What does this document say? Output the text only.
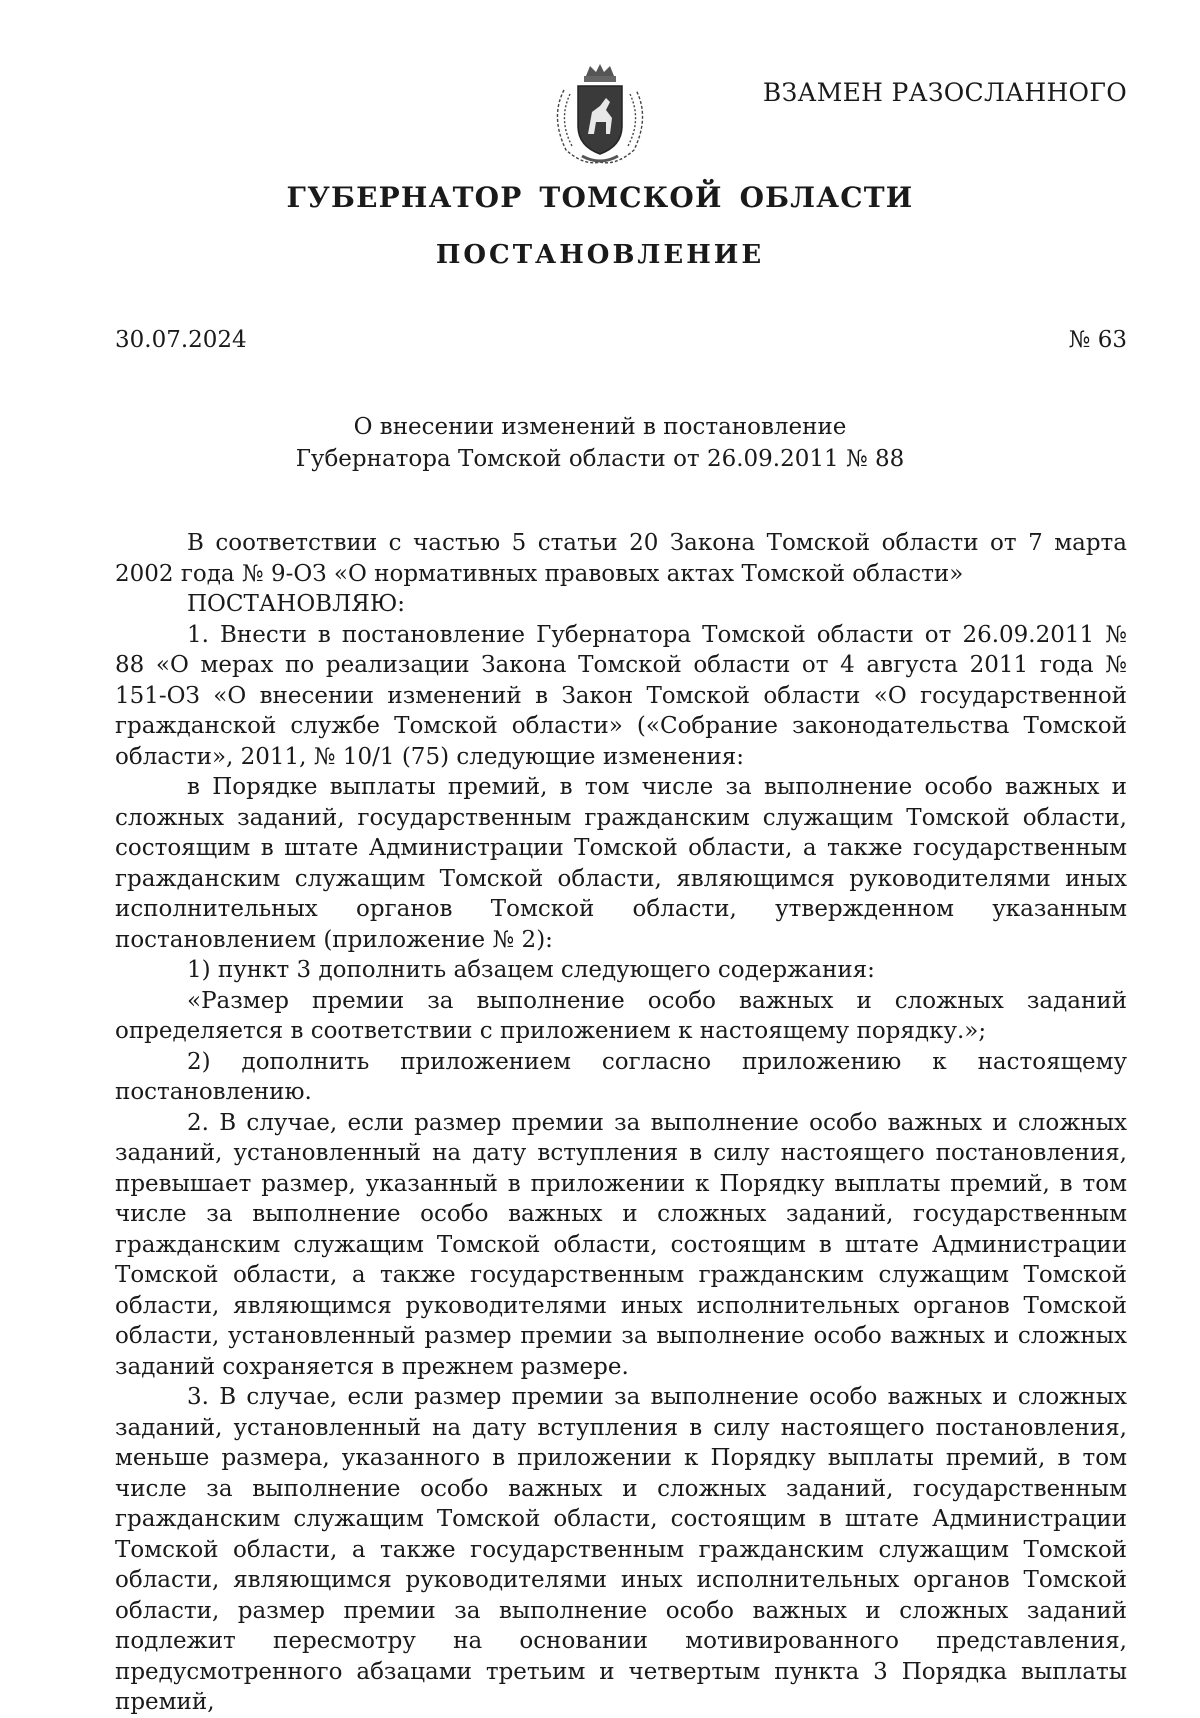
ВЗАМЕН РАЗОСЛАННОГО
ГУБЕРНАТОР ТОМСКОЙ ОБЛАСТИ
ПОСТАНОВЛЕНИЕ
30.07.2024	№ 63
О внесении изменений в постановление
Губернатора Томской области от 26.09.2011 № 88

В соответствии с частью 5 статьи 20 Закона Томской области от 7 марта 2002 года № 9-ОЗ «О нормативных правовых актах Томской области»

ПОСТАНОВЛЯЮ:

1. Внести в постановление Губернатора Томской области от 26.09.2011 № 88 «О мерах по реализации Закона Томской области от 4 августа 2011 года № 151-ОЗ «О внесении изменений в Закон Томской области «О государственной гражданской службе Томской области» («Собрание законодательства Томской области», 2011, № 10/1 (75) следующие изменения:

в Порядке выплаты премий, в том числе за выполнение особо важных и сложных заданий, государственным гражданским служащим Томской области, состоящим в штате Администрации Томской области, а также государственным гражданским служащим Томской области, являющимся руководителями иных исполнительных органов Томской области, утвержденном указанным постановлением (приложение № 2):

1) пункт 3 дополнить абзацем следующего содержания:

«Размер премии за выполнение особо важных и сложных заданий определяется в соответствии с приложением к настоящему порядку.»;

2) дополнить приложением согласно приложению к настоящему постановлению.

2. В случае, если размер премии за выполнение особо важных и сложных заданий, установленный на дату вступления в силу настоящего постановления, превышает размер, указанный в приложении к Порядку выплаты премий, в том числе за выполнение особо важных и сложных заданий, государственным гражданским служащим Томской области, состоящим в штате Администрации Томской области, а также государственным гражданским служащим Томской области, являющимся руководителями иных исполнительных органов Томской области, установленный размер премии за выполнение особо важных и сложных заданий сохраняется в прежнем размере.

3. В случае, если размер премии за выполнение особо важных и сложных заданий, установленный на дату вступления в силу настоящего постановления, меньше размера, указанного в приложении к Порядку выплаты премий, в том числе за выполнение особо важных и сложных заданий, государственным гражданским служащим Томской области, состоящим в штате Администрации Томской области, а также государственным гражданским служащим Томской области, являющимся руководителями иных исполнительных органов Томской области, размер премии за выполнение особо важных и сложных заданий подлежит пересмотру на основании мотивированного представления, предусмотренного абзацами третьим и четвертым пункта 3 Порядка выплаты премий,
